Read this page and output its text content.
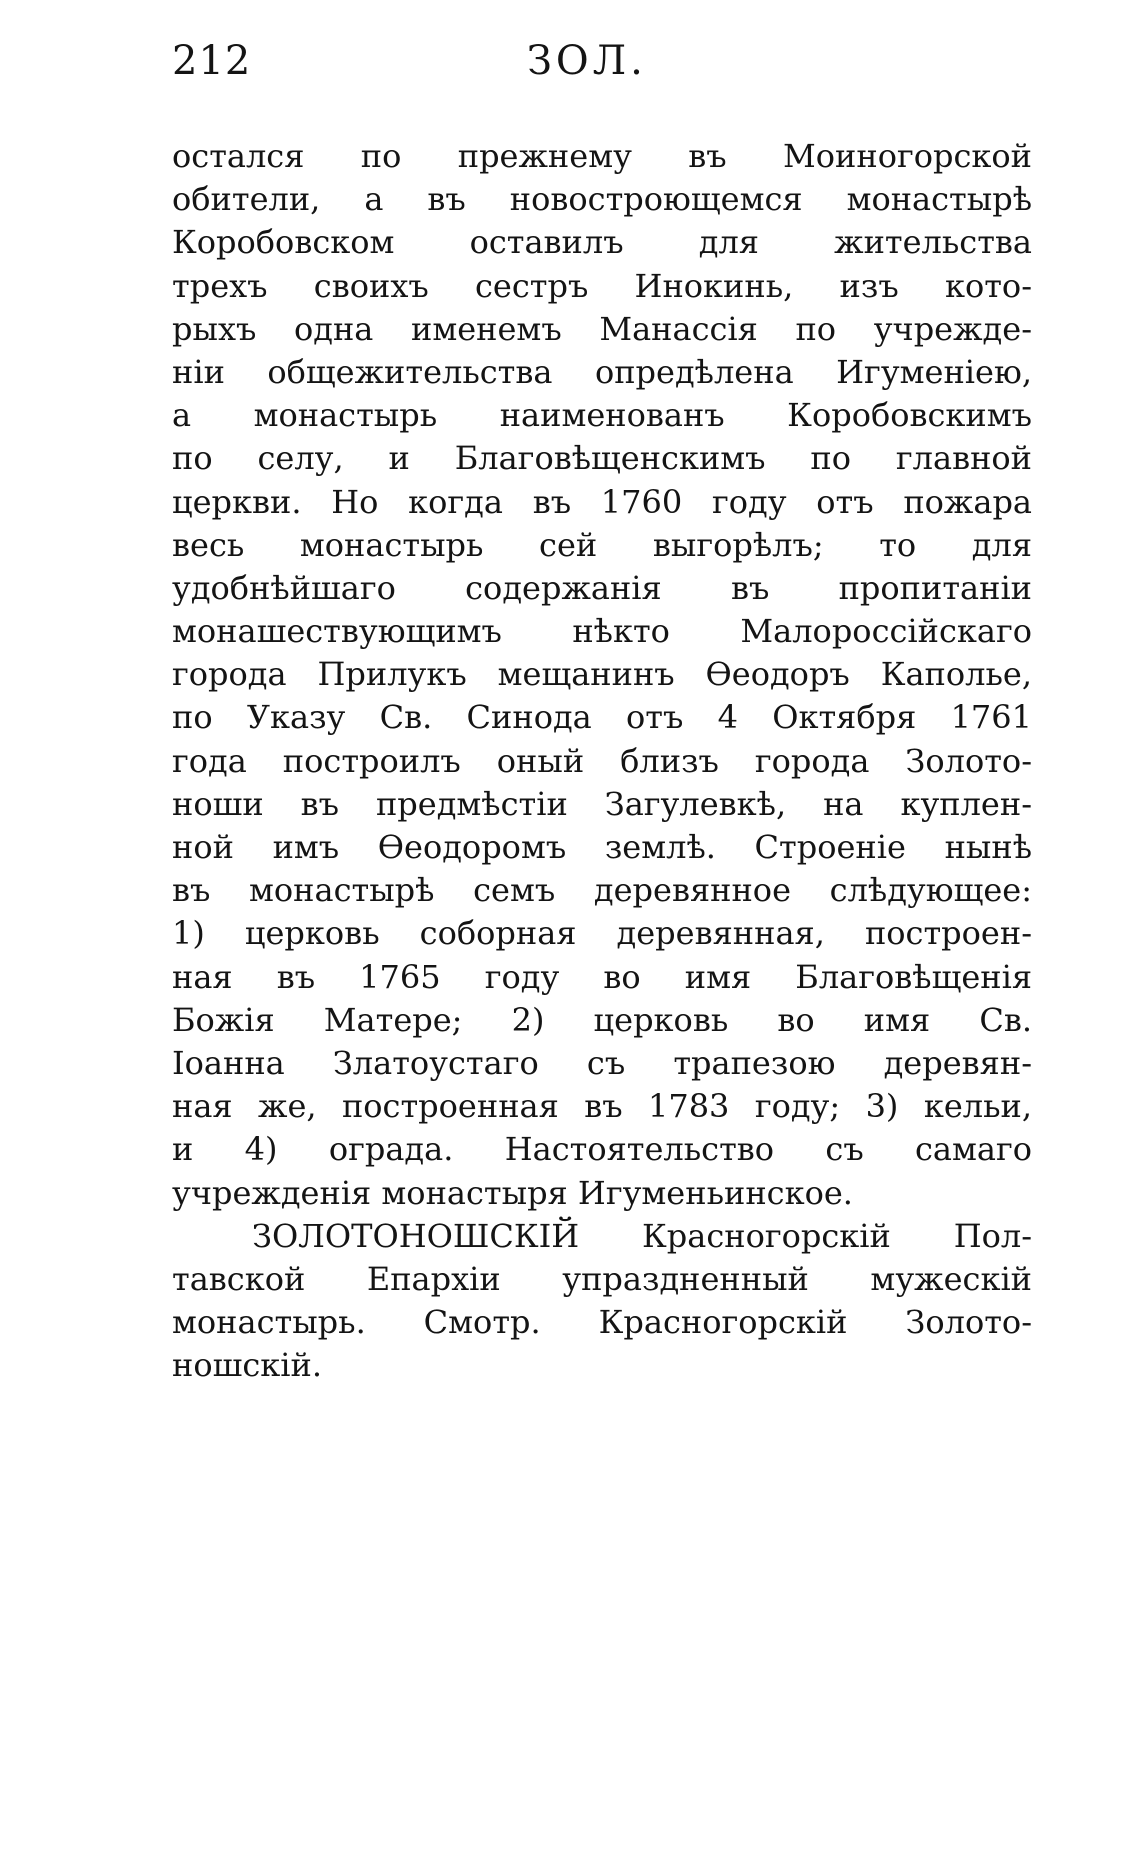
212	ЗОЛ.
остался по прежнему въ Моиногорской
обители, а въ новостроющемся монастырѣ
Коробовском оставилъ для жительства
трехъ своихъ сестръ Инокинь, изъ кото-
рыхъ одна именемъ Манассія по учрежде-
ніи общежительства опредѣлена Игуменіею,
а монастырь наименованъ Коробовскимъ
по селу, и Благовѣщенскимъ по главной
церкви. Но когда въ 1760 году отъ пожара
весь монастырь сей выгорѣлъ; то для
удобнѣйшаго содержанія въ пропитаніи
монашествующимъ нѣкто Малороссійскаго
города Прилукъ мещанинъ Өеодоръ Каполье,
по Указу Св. Синода отъ 4 Октября 1761
года построилъ оный близъ города Золото-
ноши въ предмѣстіи Загулевкѣ, на куплен-
ной имъ Өеодоромъ землѣ. Строеніе нынѣ
въ монастырѣ семъ деревянное слѣдующее:
1) церковь соборная деревянная, построен-
ная въ 1765 году во имя Благовѣщенія
Божія Матере; 2) церковь во имя Св.
Іоанна Златоустаго съ трапезою деревян-
ная же, построенная въ 1783 году; 3) кельи,
и 4) ограда. Настоятельство съ самаго
учрежденія монастыря Игуменьинское.
ЗОЛОТОНОШСКІЙ Красногорскій Пол-
тавской Епархіи упраздненный мужескій
монастырь. Смотр. Красногорскій Золото-
ношскій.
